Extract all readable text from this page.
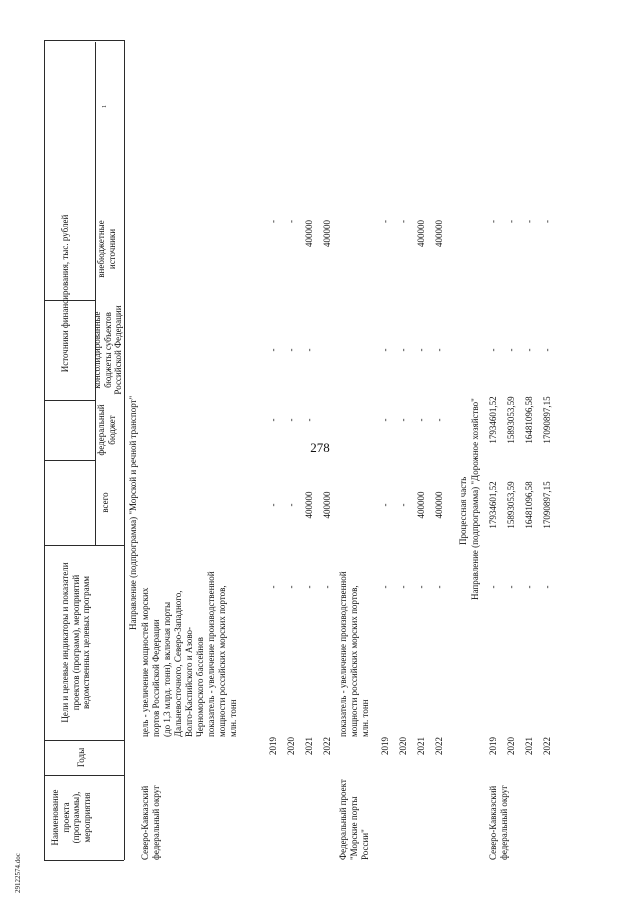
278
Наименование проекта (программы), мероприятия
Годы
Цели и целевые индикаторы и показатели проектов (программ), мероприятий ведомственных целевых программ
Источники финансирования, тыс. рублей
всего
федеральный бюджет
консолидированные бюджеты субъектов Российской Федерации
внебюджетные источники
29122574.doc
Направление (подпрограмма) "Морской и речной транспорт"	Процессная часть Направление (подпрограмма) "Дорожное хозяйство"
Северо-Кавказский федеральный округ
цель - увеличение мощностей морских портов Российской Федерации (до 1,3 млрд. тонн), включая порты Дальневосточного, Северо-Западного, Волго-Каспийского и Азово- Черноморского бассейнов показатель - увеличение производственной мощности российских морских портов, млн. тонн
2019
-
-
-
-
-
2020
-
-
-
-
-
2021
-
400000
-
-
400000
2022
-
400000
400000
Федеральный проект "Морские порты России"
показатель - увеличение производственной мощности российских морских портов, млн. тонн
2019
-
-
-
-
-
2020
-
-
-
-
-
2021
-
400000
-
-
400000
2022
-
400000
-
-
400000
Северо-Кавказский федеральный округ
2019
-
17934601,52
17934601,52
-
-
2020
-
15893053,59
15893053,59
-
-
2021
-
16481096,58
16481096,58
-
-
2022
-
17090897,15
17090897,15
-
-
1
